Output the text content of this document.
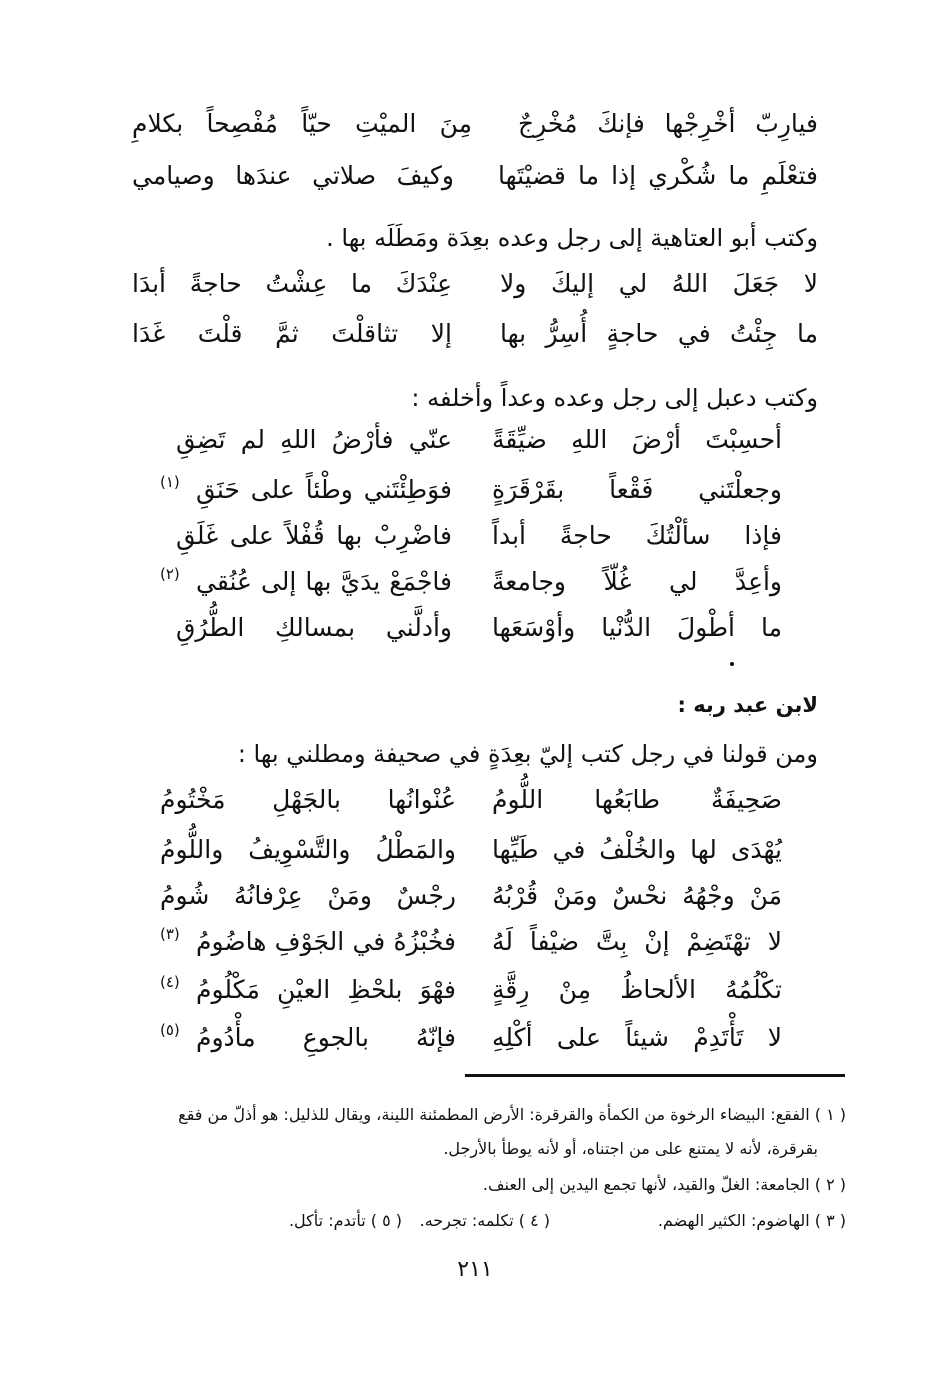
فيارِبّ أخْرِجْها فإنكَ مُخْرِجٌ
مِنَ الميْتِ حيّاً مُفْصِحاً بكلامِ
فتعْلَمِ ما شُكْري إذا ما قضيْتَها
وكيفَ صلاتي عندَها وصيامي
وكتب أبو العتاهية إلى رجل وعده بعِدَة ومَطَلَه بها .
لا جَعَلَ اللهُ لي إليكَ ولا
عِنْدَكَ ما عِشْتُ حاجةً أبدَا
ما جِئْتُ في حاجةٍ أُسِرُّ بها
إلا تثاقلْتَ ثمَّ قلْتَ غَدَا
وكتب دعبل إلى رجل وعده وعداً وأخلفه :
أحسِبْتَ أرْضَ اللهِ ضيِّقَةً
عنّي فأرْضُ اللهِ لم تَضِقِ
وجعلْتَني فَقْعاً بقَرْقَرَةٍ
فوَطِئْتَني وطْئاً على حَنَقِ
(١)
فإذا سألْتُكَ حاجةً أبداً
فاضْرِبْ بها قُفْلاً على غَلَقِ
وأعِدَّ لي غُلّاً وجامعةً
فاجْمَعْ يدَيَّ بها إلى عُنُقي
(٢)
ما أطْولَ الدُّنْيا وأوْسَعَها
وأدلَّني بمسالكِ الطُّرُقِ
لابن عبد ربه :
ومن قولنا في رجل كتب إليّ بعِدَةٍ في صحيفة ومطلني بها :
صَحِيفَةٌ طابَعُها اللُّومُ
عُنْوانُها بالجَهْلِ مَخْتُومُ
يُهْدَى لها والخُلْفُ في طَيِّها
والمَطْلُ والتَّسْوِيفُ واللُّومُ
مَنْ وجْهُهُ نحْسٌ ومَنْ قُرْبُهُ
رجْسٌ ومَنْ عِرْفانُهُ شُومُ
لا تهْتَضِمْ إنْ بِتَّ ضيْفاً لَهُ
فخُبْزُهُ في الجَوْفِ هاضُومُ
(٣)
تكْلُمُهُ الألحاظُ مِنْ رِقَّةٍ
فهْوَ بلحْظِ العيْنِ مَكْلُومُ
(٤)
لا تَأْتَدِمْ شيئاً على أكْلِهِ
فإنّهُ بالجوعِ مأْدُومُ
(٥)
( ١ ) الفقع: البيضاء الرخوة من الكمأة والقرقرة: الأرض المطمئنة اللينة، ويقال للذليل: هو أذلّ من فقع
بقرقرة، لأنه لا يمتنع على من اجتناه، أو لأنه يوطأ بالأرجل.
( ٢ ) الجامعة: الغلّ والقيد، لأنها تجمع اليدين إلى العنف.
( ٣ ) الهاضوم: الكثير الهضم.
( ٤ ) تكلمه: تجرحه.
( ٥ ) تأتدم: تأكل.
٢١١
